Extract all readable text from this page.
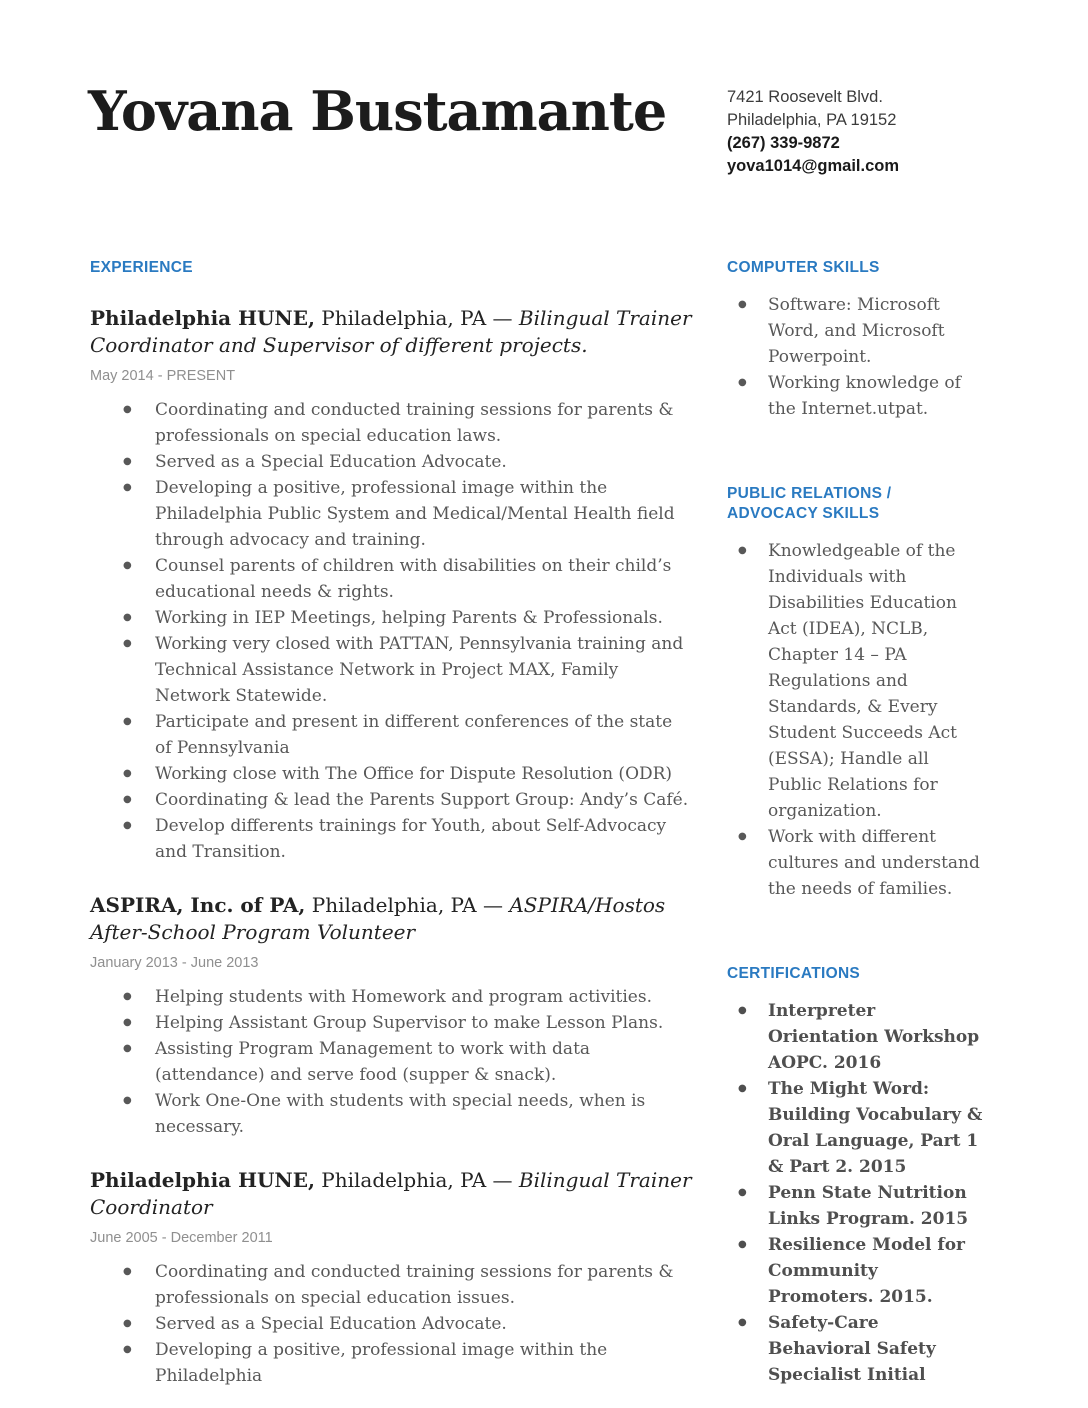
Yovana Bustamante	7421 Roosevelt Blvd.
Philadelphia, PA 19152
(267) 339-9872
yova1014@gmail.com
EXPERIENCE
Philadelphia HUNE, Philadelphia, PA — Bilingual Trainer Coordinator and Supervisor of different projects.
May 2014 - PRESENT
● Coordinating and conducted training sessions for parents & professionals on special education laws.
● Served as a Special Education Advocate.
● Developing a positive, professional image within the Philadelphia Public System and Medical/Mental Health field through advocacy and training.
● Counsel parents of children with disabilities on their child’s educational needs & rights.
● Working in IEP Meetings, helping Parents & Professionals.
● Working very closed with PATTAN, Pennsylvania training and Technical Assistance Network in Project MAX, Family Network Statewide.
● Participate and present in different conferences of the state of Pennsylvania
● Working close with The Office for Dispute Resolution (ODR)
● Coordinating & lead the Parents Support Group: Andy’s Café.
● Develop differents trainings for Youth, about Self-Advocacy and Transition.
ASPIRA, Inc. of PA, Philadelphia, PA — ASPIRA/Hostos After-School Program Volunteer
January 2013 - June 2013
● Helping students with Homework and program activities.
● Helping Assistant Group Supervisor to make Lesson Plans.
● Assisting Program Management to work with data (attendance) and serve food (supper & snack).
● Work One-One with students with special needs, when is necessary.
Philadelphia HUNE, Philadelphia, PA — Bilingual Trainer Coordinator
June 2005 - December 2011
● Coordinating and conducted training sessions for parents & professionals on special education issues.
● Served as a Special Education Advocate.
● Developing a positive, professional image within the Philadelphia
COMPUTER SKILLS
● Software: Microsoft Word, and Microsoft Powerpoint.
● Working knowledge of the Internet.utpat.
PUBLIC RELATIONS / ADVOCACY SKILLS
● Knowledgeable of the Individuals with Disabilities Education Act (IDEA), NCLB, Chapter 14 – PA Regulations and Standards, & Every Student Succeeds Act (ESSA); Handle all Public Relations for organization.
● Work with different cultures and understand the needs of families.
CERTIFICATIONS
● Interpreter Orientation Workshop AOPC. 2016
● The Might Word: Building Vocabulary & Oral Language, Part 1 & Part 2. 2015
● Penn State Nutrition Links Program. 2015
● Resilience Model for Community Promoters. 2015.
● Safety-Care Behavioral Safety Specialist Initial
